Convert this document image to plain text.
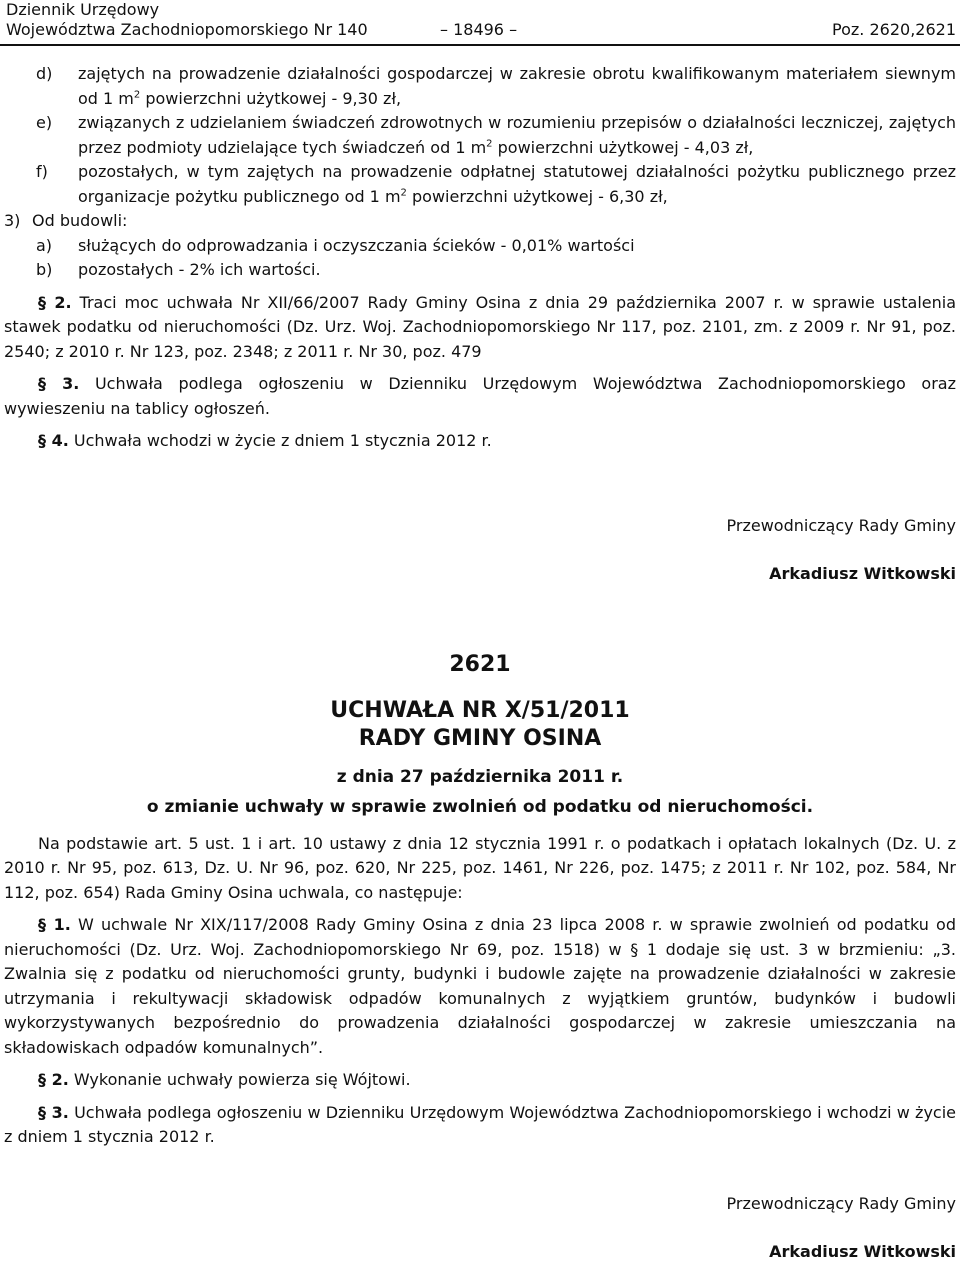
Dziennik Urzędowy
Województwa Zachodniopomorskiego Nr 140	– 18496 –	Poz. 2620,2621
d) zajętych na prowadzenie działalności gospodarczej w zakresie obrotu kwalifikowanym materiałem siewnym od 1 $m^2$ powierzchni użytkowej - 9,30 zł,
e) związanych z udzielaniem świadczeń zdrowotnych w rozumieniu przepisów o działalności leczniczej, zajętych przez podmioty udzielające tych świadczeń od 1 $m^2$ powierzchni użytkowej - 4,03 zł,
f) pozostałych, w tym zajętych na prowadzenie odpłatnej statutowej działalności pożytku publicznego przez organizacje pożytku publicznego od 1 $m^2$ powierzchni użytkowej - 6,30 zł,
3) Od budowli:
a) służących do odprowadzania i oczyszczania ścieków - 0,01% wartości
b) pozostałych - 2% ich wartości.
§ 2. Traci moc uchwała Nr XII/66/2007 Rady Gminy Osina z dnia 29 października 2007 r. w sprawie ustalenia stawek podatku od nieruchomości (Dz. Urz. Woj. Zachodniopomorskiego Nr 117, poz. 2101, zm. z 2009 r. Nr 91, poz. 2540; z 2010 r. Nr 123, poz. 2348; z 2011 r. Nr 30, poz. 479
§ 3. Uchwała podlega ogłoszeniu w Dzienniku Urzędowym Województwa Zachodniopomorskiego oraz wywieszeniu na tablicy ogłoszeń.
§ 4. Uchwała wchodzi w życie z dniem 1 stycznia 2012 r.
Przewodniczący Rady Gminy
Arkadiusz Witkowski
2621
UCHWAŁA NR X/51/2011
RADY GMINY OSINA
z dnia 27 października 2011 r.
o zmianie uchwały w sprawie zwolnień od podatku od nieruchomości.
Na podstawie art. 5 ust. 1 i art. 10 ustawy z dnia 12 stycznia 1991 r. o podatkach i opłatach lokalnych (Dz. U. z 2010 r. Nr 95, poz. 613, Dz. U. Nr 96, poz. 620, Nr 225, poz. 1461, Nr 226, poz. 1475; z 2011 r. Nr 102, poz. 584, Nr 112, poz. 654) Rada Gminy Osina uchwala, co następuje:
§ 1. W uchwale Nr XIX/117/2008 Rady Gminy Osina z dnia 23 lipca 2008 r. w sprawie zwolnień od podatku od nieruchomości (Dz. Urz. Woj. Zachodniopomorskiego Nr 69, poz. 1518) w § 1 dodaje się ust. 3 w brzmieniu: „3. Zwalnia się z podatku od nieruchomości grunty, budynki i budowle zajęte na prowadzenie działalności w zakresie utrzymania i rekultywacji składowisk odpadów komunalnych z wyjątkiem gruntów, budynków i budowli wykorzystywanych bezpośrednio do prowadzenia działalności gospodarczej w zakresie umieszczania na składowiskach odpadów komunalnych”.
§ 2. Wykonanie uchwały powierza się Wójtowi.
§ 3. Uchwała podlega ogłoszeniu w Dzienniku Urzędowym Województwa Zachodniopomorskiego i wchodzi w życie z dniem 1 stycznia 2012 r.
Przewodniczący Rady Gminy
Arkadiusz Witkowski
